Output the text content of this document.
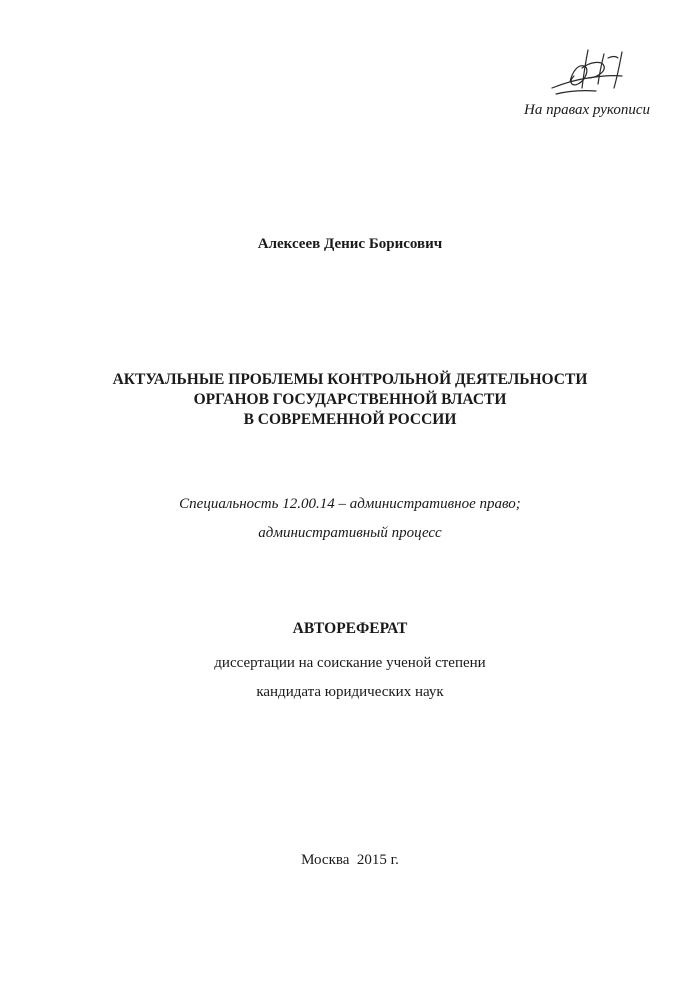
На правах рукописи
Алексеев Денис Борисович
АКТУАЛЬНЫЕ ПРОБЛЕМЫ КОНТРОЛЬНОЙ ДЕЯТЕЛЬНОСТИ
ОРГАНОВ ГОСУДАРСТВЕННОЙ ВЛАСТИ
В СОВРЕМЕННОЙ РОССИИ
Специальность 12.00.14 – административное право;
административный процесс
АВТОРЕФЕРАТ
диссертации на соискание ученой степени
кандидата юридических наук
Москва  2015 г.
